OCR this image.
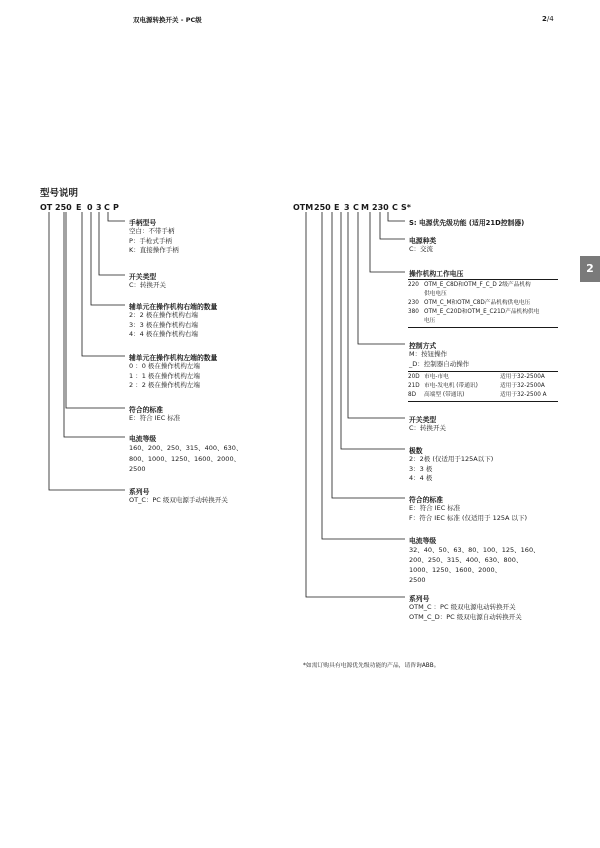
双电源转换开关 - PC级	2/4
2
型号说明
OT 250 E 0 3 C P	OTM 250 E 3 C M 230 C S*
手柄型号
空白：不带手柄
P：手枪式手柄
K：直接操作手柄
开关类型
C：转换开关
辅单元在操作机构右端的数量
2：2 极在操作机构右端
3：3 极在操作机构右端
4：4 极在操作机构右端
辅单元在操作机构左端的数量
0 ：0 极在操作机构左端
1 ：1 极在操作机构左端
2 ：2 极在操作机构左端
符合的标准
E：符合 IEC 标准
电流等级
160、200、250、315、400、630、
800、1000、1250、1600、2000、
2500
系列号
OT_C：PC 级双电源手动转换开关
S: 电源优先级功能 (适用21D控制器)
电源种类
C：交流
操作机构工作电压
220 OTM_E_C8D和OTM_F_C_D 2级产品机构
供电电压
230 OTM_C_M和OTM_C8D产品机构供电电压
380 OTM_E_C20D和OTM_E_C21D产品机构供电
电压
控制方式
M：按钮操作
_D：控制器自动操作
20D 市电-市电	适用于32-2500A
21D 市电-发电机 (带通讯)	适用于32-2500A
8D 高端型 (带通讯)	适用于32-2500 A
开关类型
C：转换开关
极数
2：2极 (仅适用于125A以下)
3：3 极
4：4 极
符合的标准
E：符合 IEC 标准
F：符合 IEC 标准 (仅适用于 125A 以下)
电流等级
32、40、50、63、80、100、125、160、
200、250、315、400、630、800、
1000、1250、1600、2000、
2500
系列号
OTM_C ：PC 级双电源电动转换开关
OTM_C_D：PC 级双电源自动转换开关
*如需订购具有电源优先级功能的产品，请咨询ABB。
